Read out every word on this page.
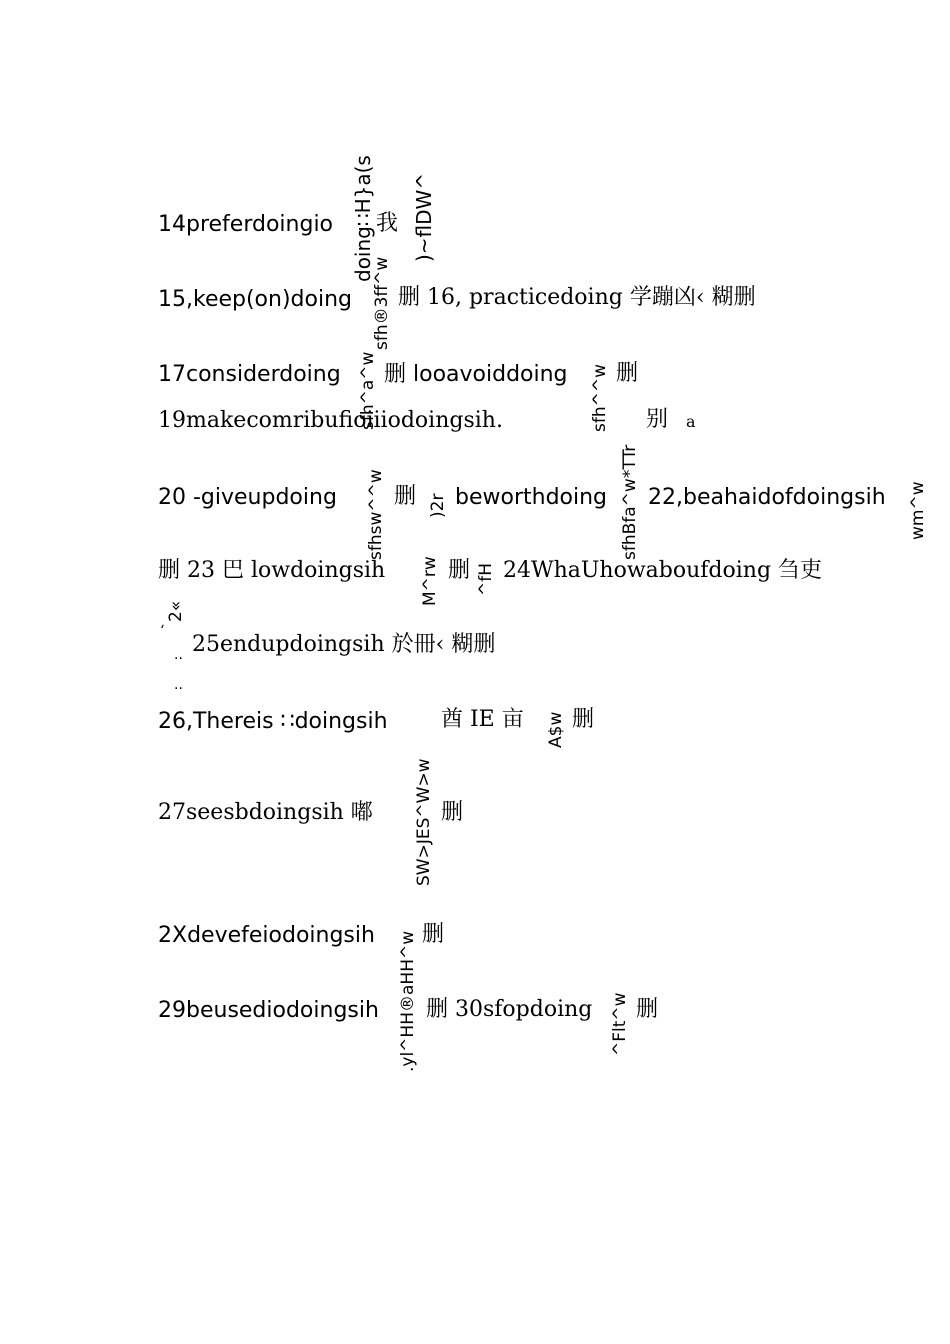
14preferdoingio 我
15,keep(on)doing 删 16, practicedoing 学蹦凶‹ 糊删
17considerdoing 删 looavoiddoing 删
19makecomribufioiiiodoingsih.	别 a
20 -giveupdoing	删 beworthdoing 22,beahaidofdoingsih
删 23 巴 lowdoingsih	删 24WhaUhowaboufdoing 刍吏
‘
25endupdoingsih 於冊‹ 糊删
..
..
26,Thereis ∷doingsih 酋 IE 亩 删
27seesbdoingsih 嘟	删
2Xdevefeiodoingsih 删
29beusediodoingsih 删 30sfopdoing 删
doing∷H}a(s
sfh®3ff^w
)~flDW^
sfh^a^w
sfhsw^^w
M^rw
)2r
^fH
sfh^^w
sfhBfa^w*TTr	wm^w
2«
SW>JES^W>w
A$w
.yl^HH®aHH^w	^Flt^w
